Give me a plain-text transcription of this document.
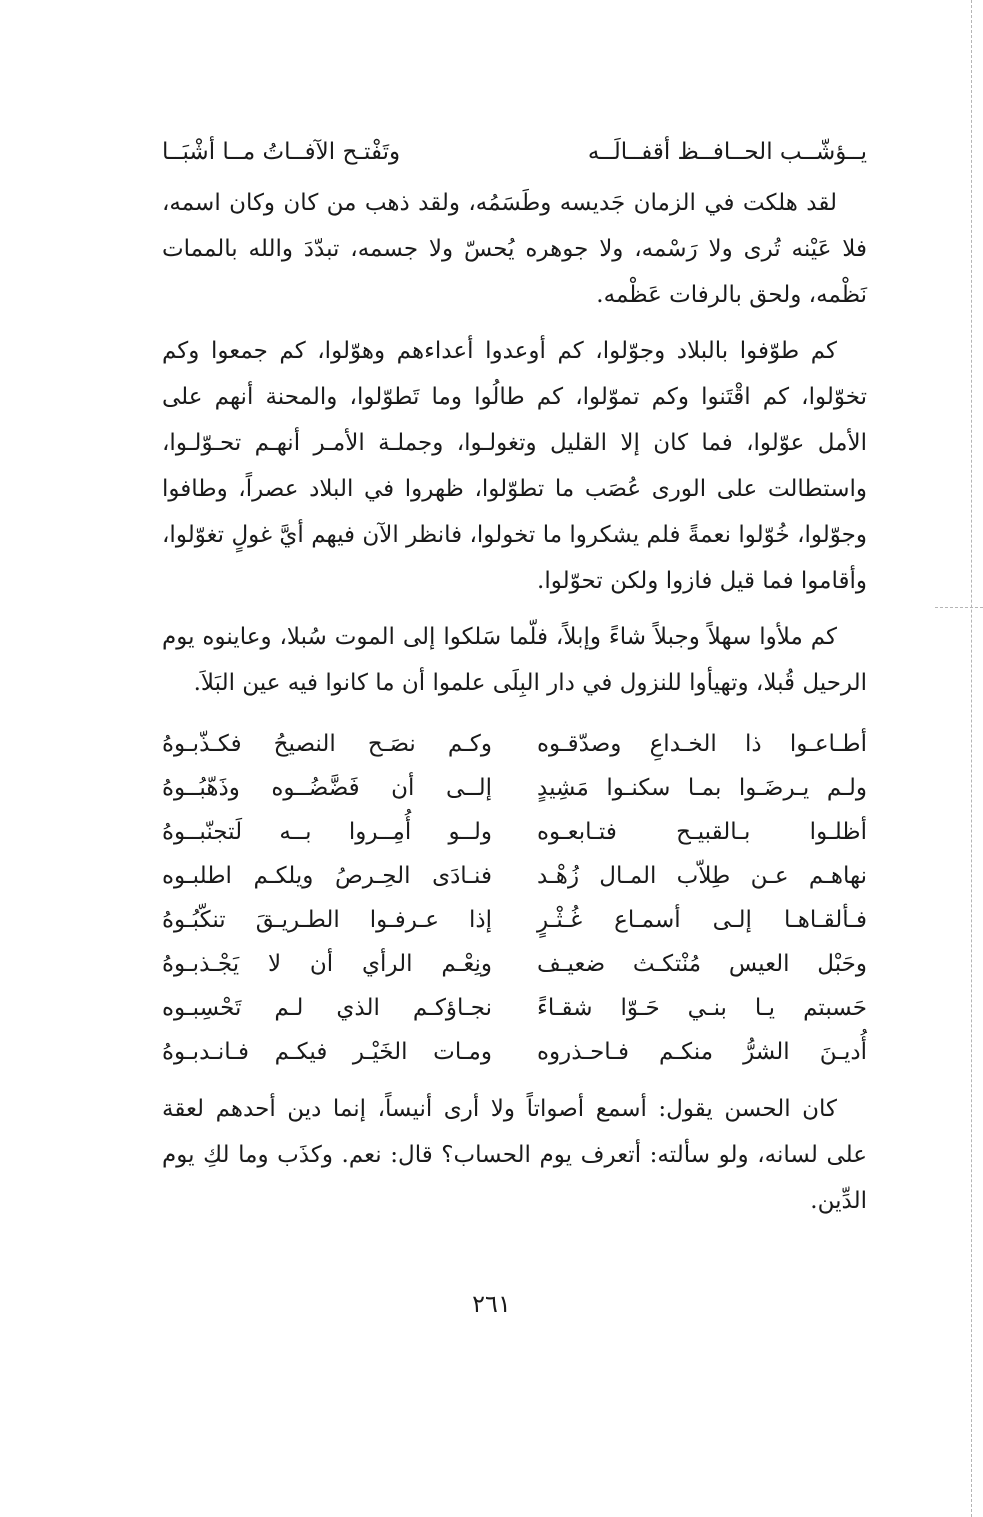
يــؤشّــب الحــافــظ أقفــالَــه
وتَفْتـح الآفــاتُ مــا أشْبَــا

لقد هلكت في الزمان جَديسه وطَسَمُه، ولقد ذهب من كان وكان اسمه، فلا عَيْنه تُرى ولا رَسْمه، ولا جوهره يُحسّ ولا جسمه، تبدّدَ والله بالممات نَظْمه، ولحق بالرفات عَظْمه.

كم طوّفوا بالبلاد وجوّلوا، كم أوعدوا أعداءهم وهوّلوا، كم جمعوا وكم تخوّلوا، كم اقْتَنوا وكم تموّلوا، كم طالُوا وما تَطوّلوا، والمحنة أنهم على الأمل عوّلوا، فما كان إلا القليل وتغولـوا، وجملـة الأمـر أنهـم تحـوّلـوا، واستطالت على الورى عُصَب ما تطوّلوا، ظهروا في البلاد عصراً، وطافوا وجوّلوا، خُوّلوا نعمةً فلم يشكروا ما تخولوا، فانظر الآن فيهم أيَّ غولٍ تغوّلوا، وأقاموا فما قيل فازوا ولكن تحوّلوا.

كم ملأوا سهلاً وجبلاً شاءً وإبلاً، فلّما سَلكوا إلى الموت سُبلا، وعاينوه يوم الرحيل قُبلا، وتهيأوا للنزول في دار البِلَى علموا أن ما كانوا فيه عين البَلاَ.

أطـاعـوا ذا الخـداعِ وصدّقـوه
وكـم نصَـح النصيحُ فكـذّبـوهُ
ولـم يـرضَـوا بمـا سكنـوا مَشِيدٍ
إلــى أن فَضَّضُــوه وذَهّبُــوهُ
أظلـوا بـالقبيـح فتـابعـوه
ولــو أُمِــروا بــه لَتجنّبــوهُ
نهاهـم عـن طِلاّب المـال زُهْـد
فنـادَى الحِـرصُ ويلكـم اطلبـوه
فـألقـاهـا إلـى أسمـاع غُـثْـرٍ
إذا عـرفـوا الطـريـقَ تنكّبُـوهُ
وحَبْل العيس مُنْتكـث ضعيـف
ونِعْـم الرأي أن لا يَجْـذبـوهُ
حَسبتم يـا بنـي حَـوّا شقـاءً
نجـاؤكـم الذي لـم تَحْسِبـوه
أُديـنَ الشرُّ منكـم فـاحـذروه
ومـات الخَيْـر فيكـم فـانـدبـوهُ

كان الحسن يقول: أسمع أصواتاً ولا أرى أنيساً، إنما دين أحدهم لعقة على لسانه، ولو سألته: أتعرف يوم الحساب؟ قال: نعم. وكذَب وما لكِ يوم الدِّين.

٢٦١
